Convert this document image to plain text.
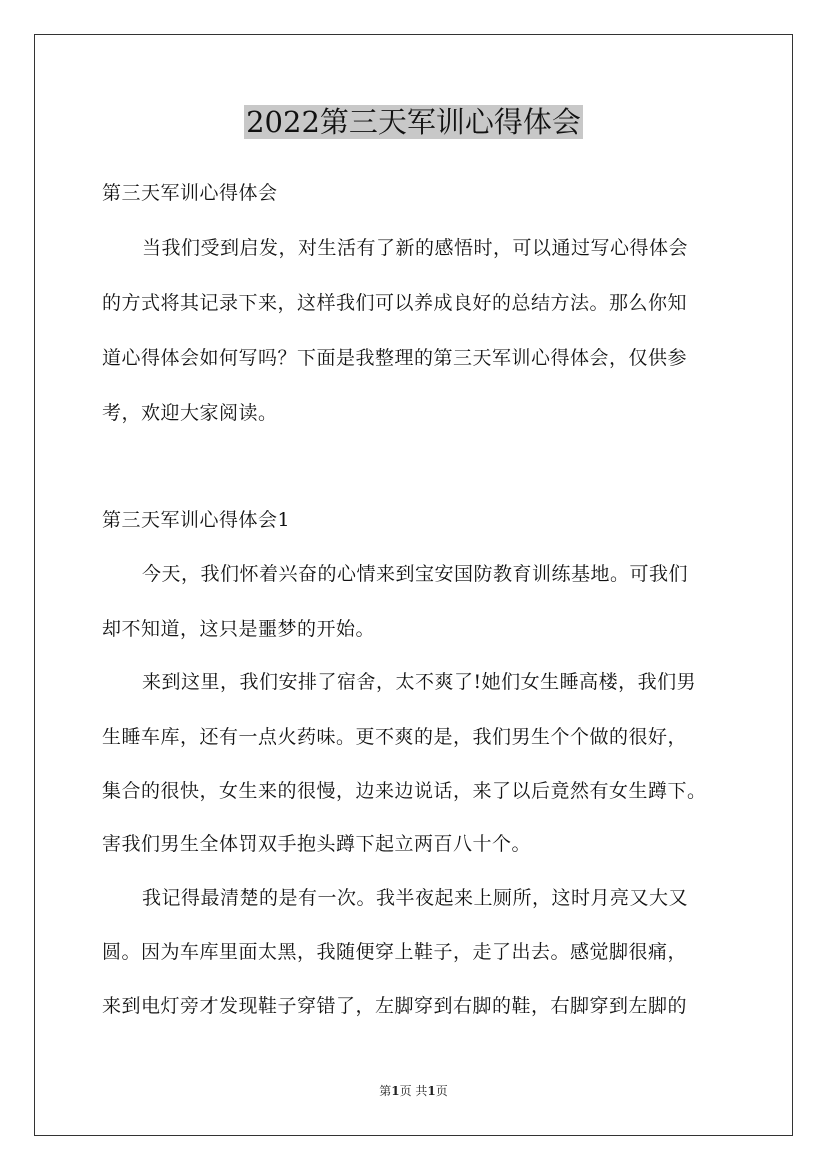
2022第三天军训心得体会
第三天军训心得体会
当我们受到启发，对生活有了新的感悟时，可以通过写心得体会
的方式将其记录下来，这样我们可以养成良好的总结方法。那么你知
道心得体会如何写吗？下面是我整理的第三天军训心得体会，仅供参
考，欢迎大家阅读。
第三天军训心得体会1
今天，我们怀着兴奋的心情来到宝安国防教育训练基地。可我们
却不知道，这只是噩梦的开始。
来到这里，我们安排了宿舍，太不爽了!她们女生睡高楼，我们男
生睡车库，还有一点火药味。更不爽的是，我们男生个个做的很好，
集合的很快，女生来的很慢，边来边说话，来了以后竟然有女生蹲下。
害我们男生全体罚双手抱头蹲下起立两百八十个。
我记得最清楚的是有一次。我半夜起来上厕所，这时月亮又大又
圆。因为车库里面太黑，我随便穿上鞋子，走了出去。感觉脚很痛，
来到电灯旁才发现鞋子穿错了，左脚穿到右脚的鞋，右脚穿到左脚的
第1页 共1页
